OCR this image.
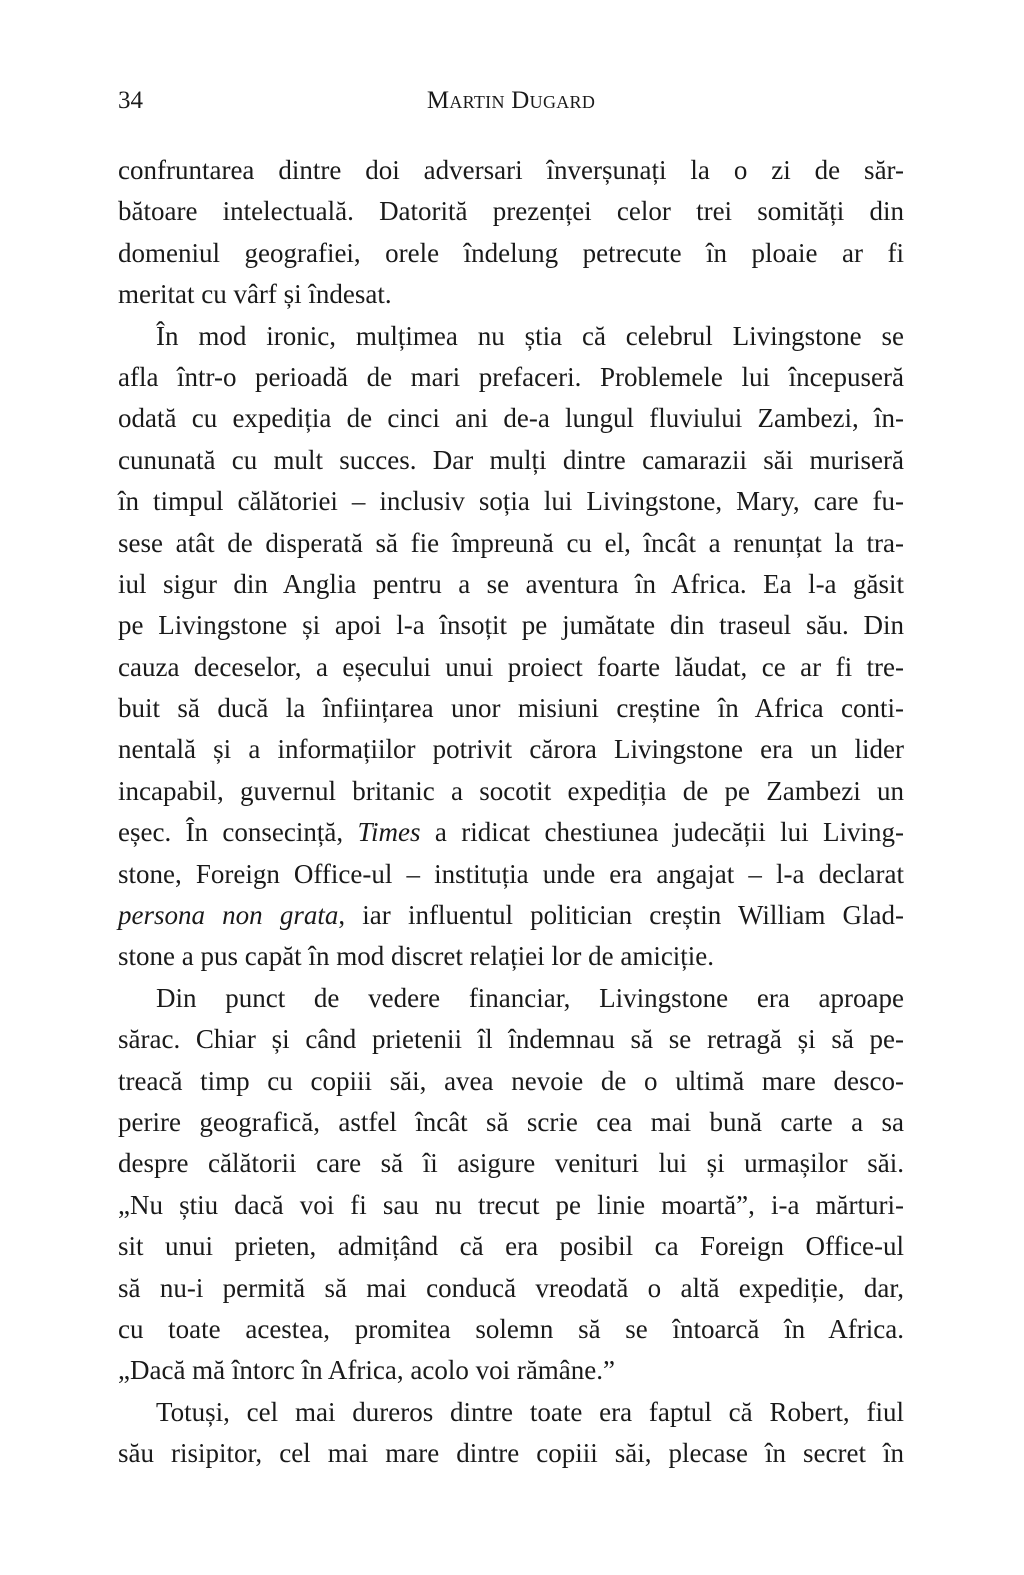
34	Martin Dugard
confruntarea dintre doi adversari înverșunați la o zi de săr-
bătoare intelectuală. Datorită prezenței celor trei somități din
domeniul geografiei, orele îndelung petrecute în ploaie ar fi
meritat cu vârf și îndesat.
În mod ironic, mulțimea nu știa că celebrul Livingstone se
afla într-o perioadă de mari prefaceri. Problemele lui începuseră
odată cu expediția de cinci ani de-a lungul fluviului Zambezi, în-
cununată cu mult succes. Dar mulți dintre camarazii săi muriseră
în timpul călătoriei – inclusiv soția lui Livingstone, Mary, care fu-
sese atât de disperată să fie împreună cu el, încât a renunțat la tra-
iul sigur din Anglia pentru a se aventura în Africa. Ea l-a găsit
pe Livingstone și apoi l-a însoțit pe jumătate din traseul său. Din
cauza deceselor, a eșecului unui proiect foarte lăudat, ce ar fi tre-
buit să ducă la înființarea unor misiuni creștine în Africa conti-
nentală și a informațiilor potrivit cărora Livingstone era un lider
incapabil, guvernul britanic a socotit expediția de pe Zambezi un
eșec. În consecință, Times a ridicat chestiunea judecății lui Living-
stone, Foreign Office-ul – instituția unde era angajat – l-a declarat
persona non grata, iar influentul politician creștin William Glad-
stone a pus capăt în mod discret relației lor de amiciție.
Din punct de vedere financiar, Livingstone era aproape
sărac. Chiar și când prietenii îl îndemnau să se retragă și să pe-
treacă timp cu copiii săi, avea nevoie de o ultimă mare desco-
perire geografică, astfel încât să scrie cea mai bună carte a sa
despre călătorii care să îi asigure venituri lui și urmașilor săi.
„Nu știu dacă voi fi sau nu trecut pe linie moartă”, i-a mărturi-
sit unui prieten, admițând că era posibil ca Foreign Office-ul
să nu-i permită să mai conducă vreodată o altă expediție, dar,
cu toate acestea, promitea solemn să se întoarcă în Africa.
„Dacă mă întorc în Africa, acolo voi rămâne.”
Totuși, cel mai dureros dintre toate era faptul că Robert, fiul
său risipitor, cel mai mare dintre copiii săi, plecase în secret în
